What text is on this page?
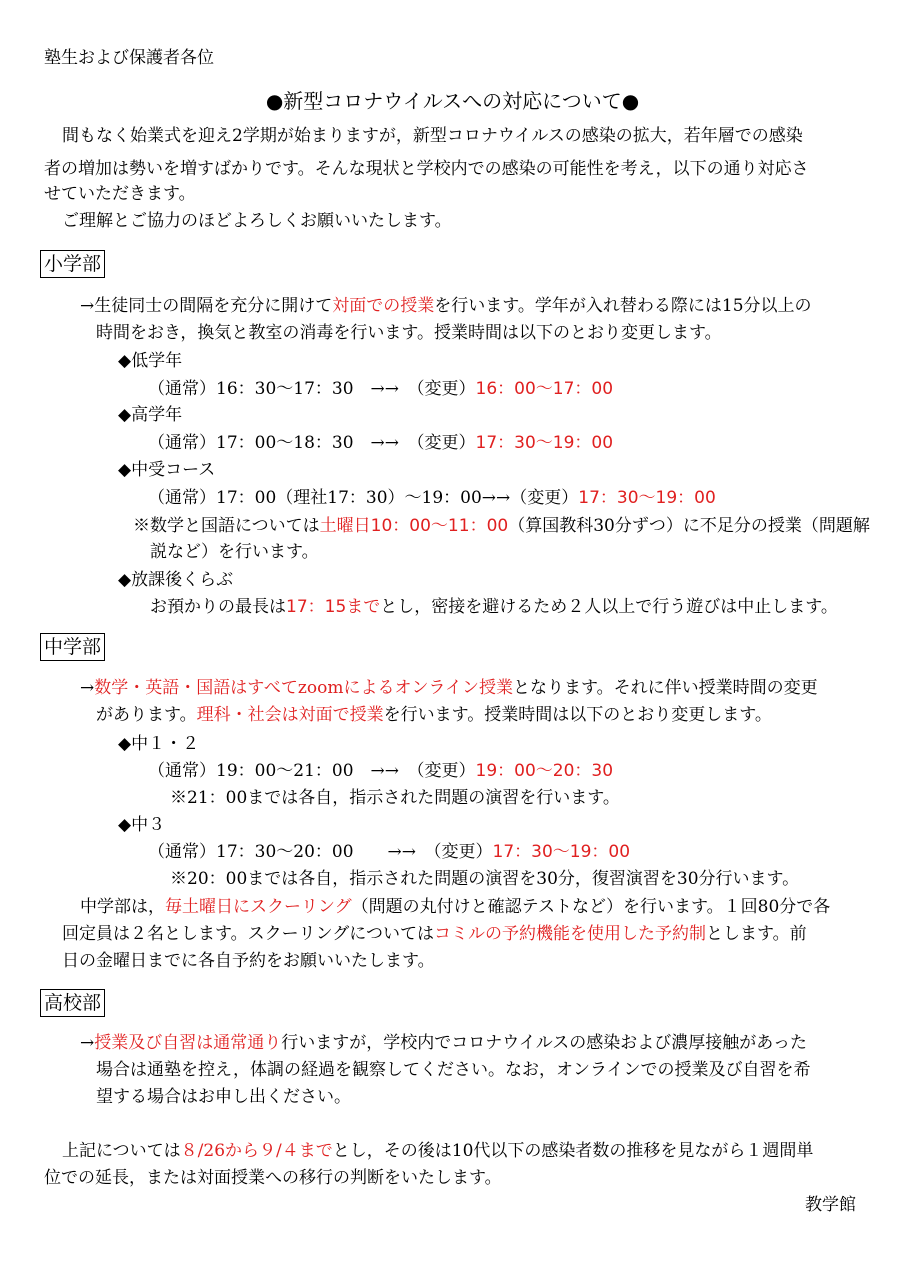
塾生および保護者各位
●新型コロナウイルスへの対応について●
間もなく始業式を迎え2学期が始まりますが，新型コロナウイルスの感染の拡大，若年層での感染
者の増加は勢いを増すばかりです。そんな現状と学校内での感染の可能性を考え，以下の通り対応さ
せていただきます。
ご理解とご協力のほどよろしくお願いいたします。
小学部
→生徒同士の間隔を充分に開けて対面での授業を行います。学年が入れ替わる際には15分以上の
時間をおき，換気と教室の消毒を行います。授業時間は以下のとおり変更します。
◆低学年
（通常）16：30〜17：30　→→　（変更）16：00〜17：00
◆高学年
（通常）17：00〜18：30　→→　（変更）17：30〜19：00
◆中受コース
（通常）17：00（理社17：30）〜19：00→→（変更）17：30〜19：00
※数学と国語については土曜日10：00〜11：00（算国教科30分ずつ）に不足分の授業（問題解
説など）を行います。
◆放課後くらぶ
お預かりの最長は17：15までとし，密接を避けるため２人以上で行う遊びは中止します。
中学部
→数学・英語・国語はすべてzoomによるオンライン授業となります。それに伴い授業時間の変更
があります。理科・社会は対面で授業を行います。授業時間は以下のとおり変更します。
◆中１・２
（通常）19：00〜21：00　→→　（変更）19：00〜20：30
※21：00までは各自，指示された問題の演習を行います。
◆中３
（通常）17：30〜20：00　　→→　（変更）17：30〜19：00
※20：00までは各自，指示された問題の演習を30分，復習演習を30分行います。
中学部は，毎土曜日にスクーリング（問題の丸付けと確認テストなど）を行います。１回80分で各
回定員は２名とします。スクーリングについてはコミルの予約機能を使用した予約制とします。前
日の金曜日までに各自予約をお願いいたします。
高校部
→授業及び自習は通常通り行いますが，学校内でコロナウイルスの感染および濃厚接触があった
場合は通塾を控え，体調の経過を観察してください。なお，オンラインでの授業及び自習を希
望する場合はお申し出ください。
上記については８/26から９/４までとし，その後は10代以下の感染者数の推移を見ながら１週間単
位での延長，または対面授業への移行の判断をいたします。
教学館
